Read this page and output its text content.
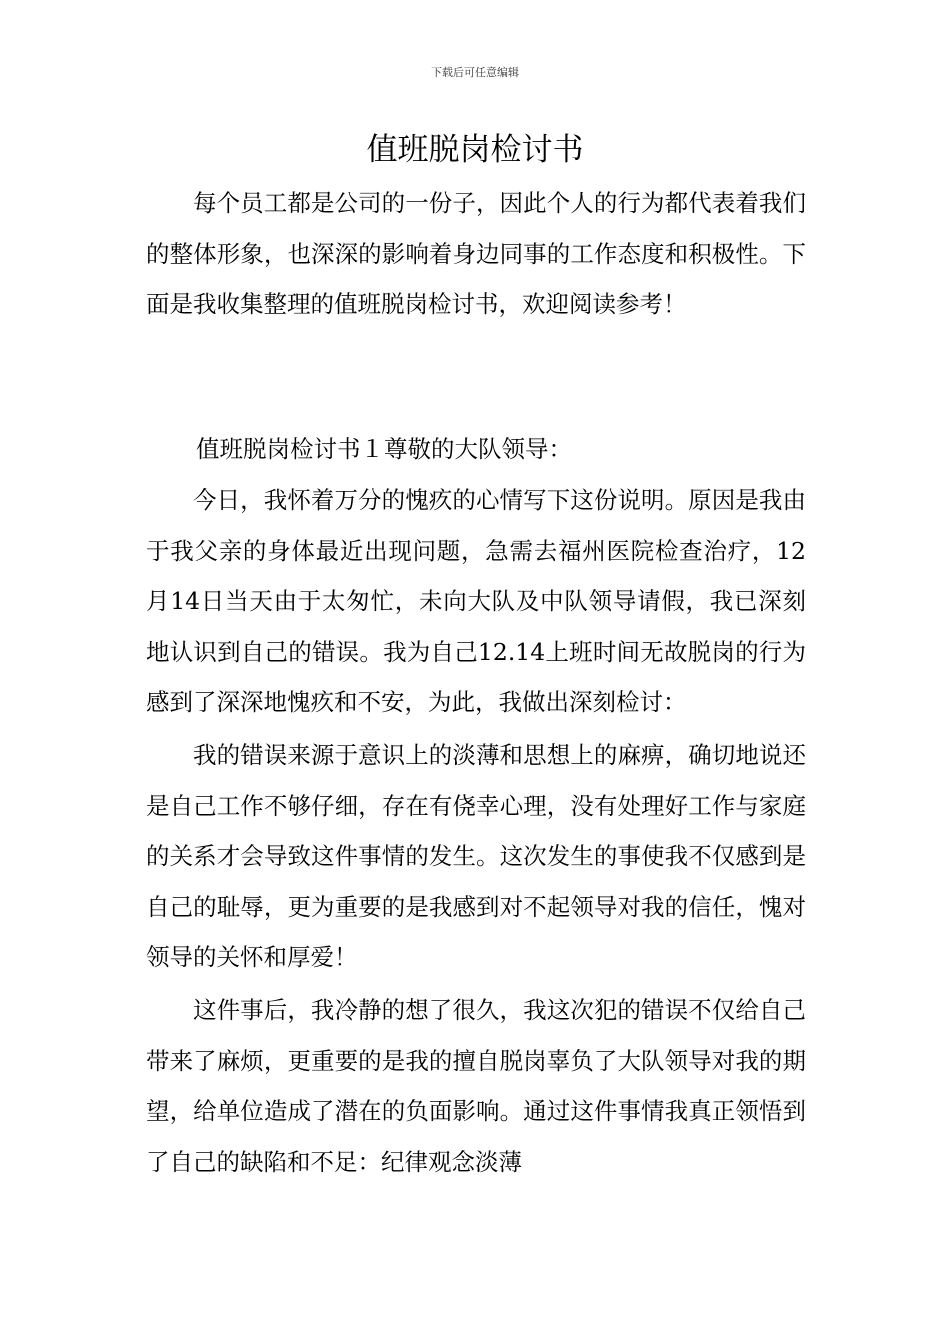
下载后可任意编辑
值班脱岗检讨书

每个员工都是公司的一份子，因此个人的行为都代表着我们的整体形象，也深深的影响着身边同事的工作态度和积极性。下面是我收集整理的值班脱岗检讨书，欢迎阅读参考！

值班脱岗检讨书１尊敬的大队领导：

今日，我怀着万分的愧疚的心情写下这份说明。原因是我由于我父亲的身体最近出现问题，急需去福州医院检查治疗，12月14日当天由于太匆忙，未向大队及中队领导请假，我已深刻地认识到自己的错误。我为自己12.14上班时间无故脱岗的行为感到了深深地愧疚和不安，为此，我做出深刻检讨：

我的错误来源于意识上的淡薄和思想上的麻痹，确切地说还是自己工作不够仔细，存在有侥幸心理，没有处理好工作与家庭的关系才会导致这件事情的发生。这次发生的事使我不仅感到是自己的耻辱，更为重要的是我感到对不起领导对我的信任，愧对领导的关怀和厚爱！

这件事后，我冷静的想了很久，我这次犯的错误不仅给自己带来了麻烦，更重要的是我的擅自脱岗辜负了大队领导对我的期望，给单位造成了潜在的负面影响。通过这件事情我真正领悟到了自己的缺陷和不足：纪律观念淡薄
